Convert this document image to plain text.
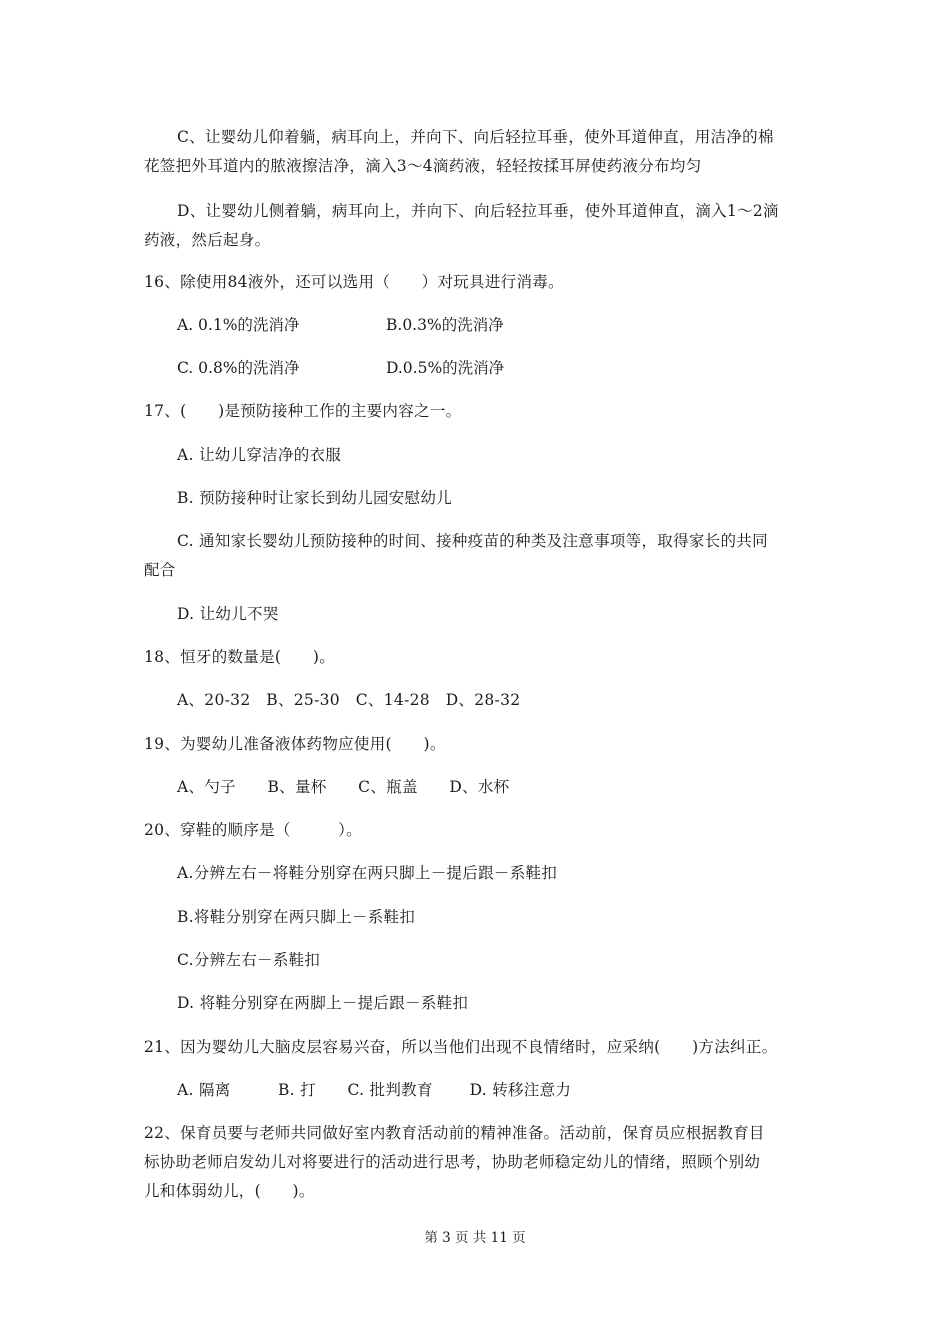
C、让婴幼儿仰着躺，病耳向上，并向下、向后轻拉耳垂，使外耳道伸直，用洁净的棉
花签把外耳道内的脓液擦洁净，滴入3～4滴药液，轻轻按揉耳屏使药液分布均匀
D、让婴幼儿侧着躺，病耳向上，并向下、向后轻拉耳垂，使外耳道伸直，滴入1～2滴
药液，然后起身。
16、除使用84液外，还可以选用（　　）对玩具进行消毒。
A. 0.1%的洗消净	B.0.3%的洗消净
C. 0.8%的洗消净	D.0.5%的洗消净
17、(　　)是预防接种工作的主要内容之一。
A. 让幼儿穿洁净的衣服
B. 预防接种时让家长到幼儿园安慰幼儿
C. 通知家长婴幼儿预防接种的时间、接种疫苗的种类及注意事项等，取得家长的共同
配合
D. 让幼儿不哭
18、恒牙的数量是(　　)。
A、20-32　B、25-30　C、14-28　D、28-32
19、为婴幼儿准备液体药物应使用(　　)。
A、勺子　　B、量杯　　C、瓶盖　　D、水杯
20、穿鞋的顺序是（　　　）。
A.分辨左右－将鞋分别穿在两只脚上－提后跟－系鞋扣
B.将鞋分别穿在两只脚上－系鞋扣
C.分辨左右－系鞋扣
D. 将鞋分别穿在两脚上－提后跟－系鞋扣
21、因为婴幼儿大脑皮层容易兴奋，所以当他们出现不良情绪时，应采纳(　　)方法纠正。
A. 隔离　　　B. 打　　C. 批判教育　　 D. 转移注意力
22、保育员要与老师共同做好室内教育活动前的精神准备。活动前，保育员应根据教育目
标协助老师启发幼儿对将要进行的活动进行思考，协助老师稳定幼儿的情绪，照顾个别幼
儿和体弱幼儿，(　　)。
第 3 页 共 11 页
